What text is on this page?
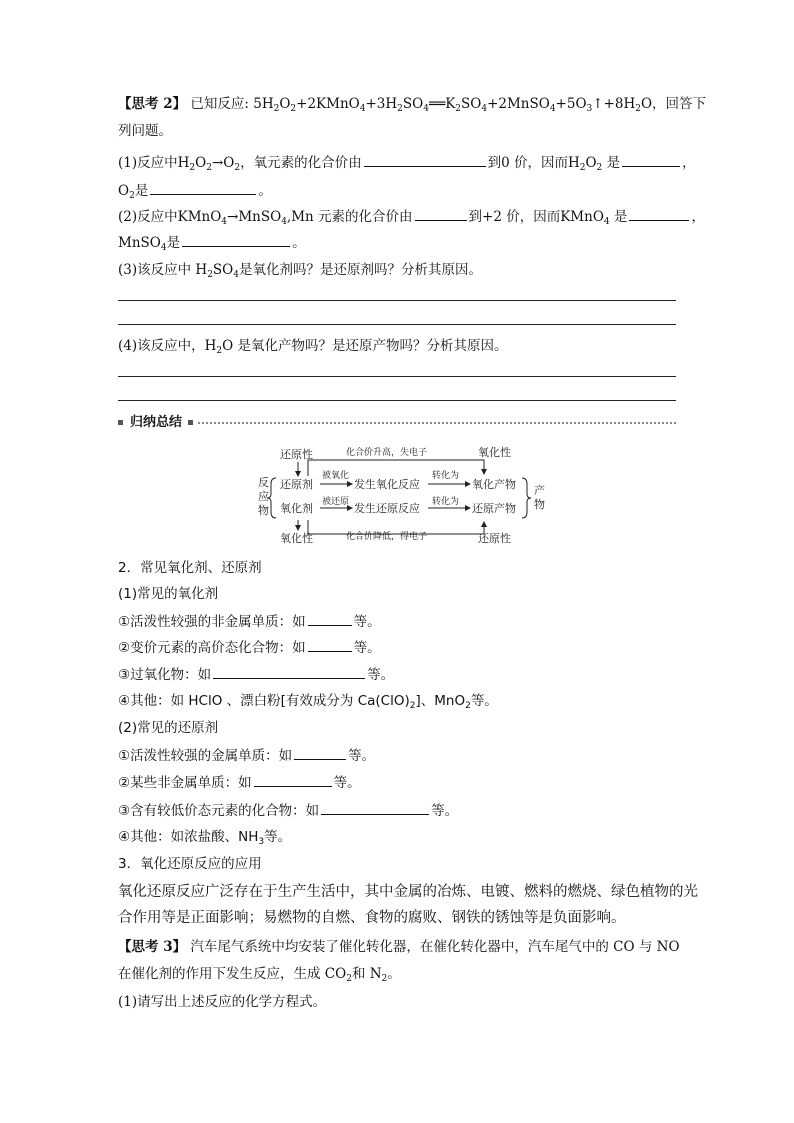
【思考 2】 已知反应: $5H_2O_2+2KMnO_4+3H_2SO_4══K_2SO_4+2MnSO_4+5O_3↑+8H_2O$，回答下
列问题。
(1)反应中$H_2O_2\to O_2$，氧元素的化合价由	到0 价，因而$H_2O_2$ 是	，
$O_2$是	。
(2)反应中KMnO$_4$→MnSO$_4$,Mn 元素的化合价由	到+2 价，因而KMnO$_4$ 是	，
MnSO$_4$是	。
(3)该反应中 $H_2SO_4$是氧化剂吗？是还原剂吗？分析其原因。
(4)该反应中，$H_2O$ 是氧化产物吗？是还原产物吗？分析其原因。
归纳总结
还原性	氧化性
化合价升高，失电子
反
应
物
还原剂
氧化剂
被氧化
被还原
发生氧化反应
发生还原反应
转化为
转化为
氧化产物
还原产物
产
物
氧化性	还原性
化合价降低，得电子
2．常见氧化剂、还原剂
(1)常见的氧化剂
①活泼性较强的非金属单质：如	等。
②变价元素的高价态化合物：如	等。
③过氧化物：如	等。
④其他：如 HClO 、漂白粉[有效成分为 $Ca(ClO)_2$]、MnO$_2$等。
(2)常见的还原剂
①活泼性较强的金属单质：如	等。
②某些非金属单质：如	等。
③含有较低价态元素的化合物：如	等。
④其他：如浓盐酸、$NH_3$等。
3．氧化还原反应的应用
氧化还原反应广泛存在于生产生活中，其中金属的冶炼、电镀、燃料的燃烧、绿色植物的光
合作用等是正面影响；易燃物的自燃、食物的腐败、钢铁的锈蚀等是负面影响。
【思考 3】 汽车尾气系统中均安装了催化转化器，在催化转化器中，汽车尾气中的 CO 与 NO
在催化剂的作用下发生反应，生成 $CO_2$和 $N_2$。
(1)请写出上述反应的化学方程式。
